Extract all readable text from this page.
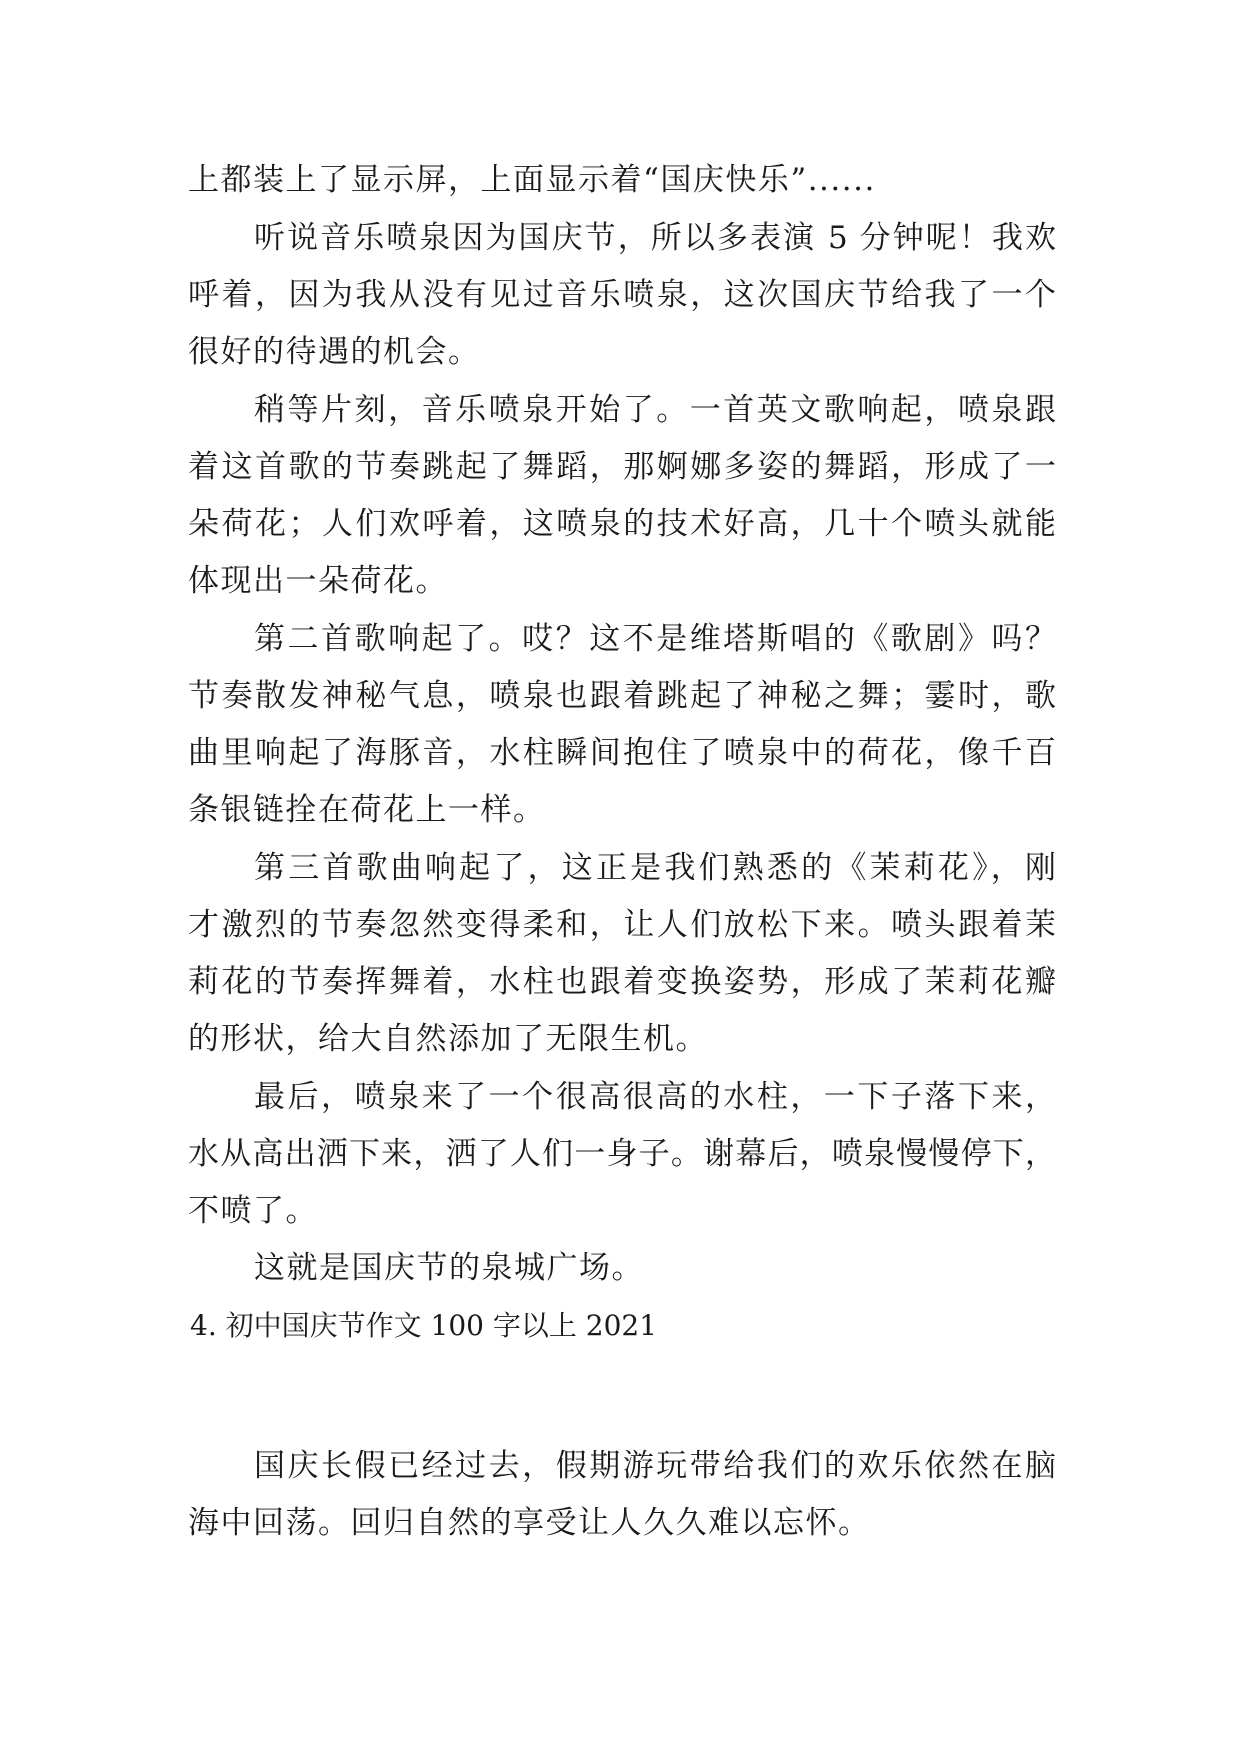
上都装上了显示屏，上面显示着“国庆快乐”......
听说音乐喷泉因为国庆节，所以多表演 5 分钟呢！我欢
呼着，因为我从没有见过音乐喷泉，这次国庆节给我了一个
很好的待遇的机会。
稍等片刻，音乐喷泉开始了。一首英文歌响起，喷泉跟
着这首歌的节奏跳起了舞蹈，那婀娜多姿的舞蹈，形成了一
朵荷花；人们欢呼着，这喷泉的技术好高，几十个喷头就能
体现出一朵荷花。
第二首歌响起了。哎？这不是维塔斯唱的《歌剧》吗？
节奏散发神秘气息，喷泉也跟着跳起了神秘之舞；霎时，歌
曲里响起了海豚音，水柱瞬间抱住了喷泉中的荷花，像千百
条银链拴在荷花上一样。
第三首歌曲响起了，这正是我们熟悉的《茉莉花》，刚
才激烈的节奏忽然变得柔和，让人们放松下来。喷头跟着茉
莉花的节奏挥舞着，水柱也跟着变换姿势，形成了茉莉花瓣
的形状，给大自然添加了无限生机。
最后，喷泉来了一个很高很高的水柱，一下子落下来，
水从高出洒下来，洒了人们一身子。谢幕后，喷泉慢慢停下，
不喷了。
这就是国庆节的泉城广场。
4. 初中国庆节作文 100 字以上 2021
国庆长假已经过去，假期游玩带给我们的欢乐依然在脑
海中回荡。回归自然的享受让人久久难以忘怀。
